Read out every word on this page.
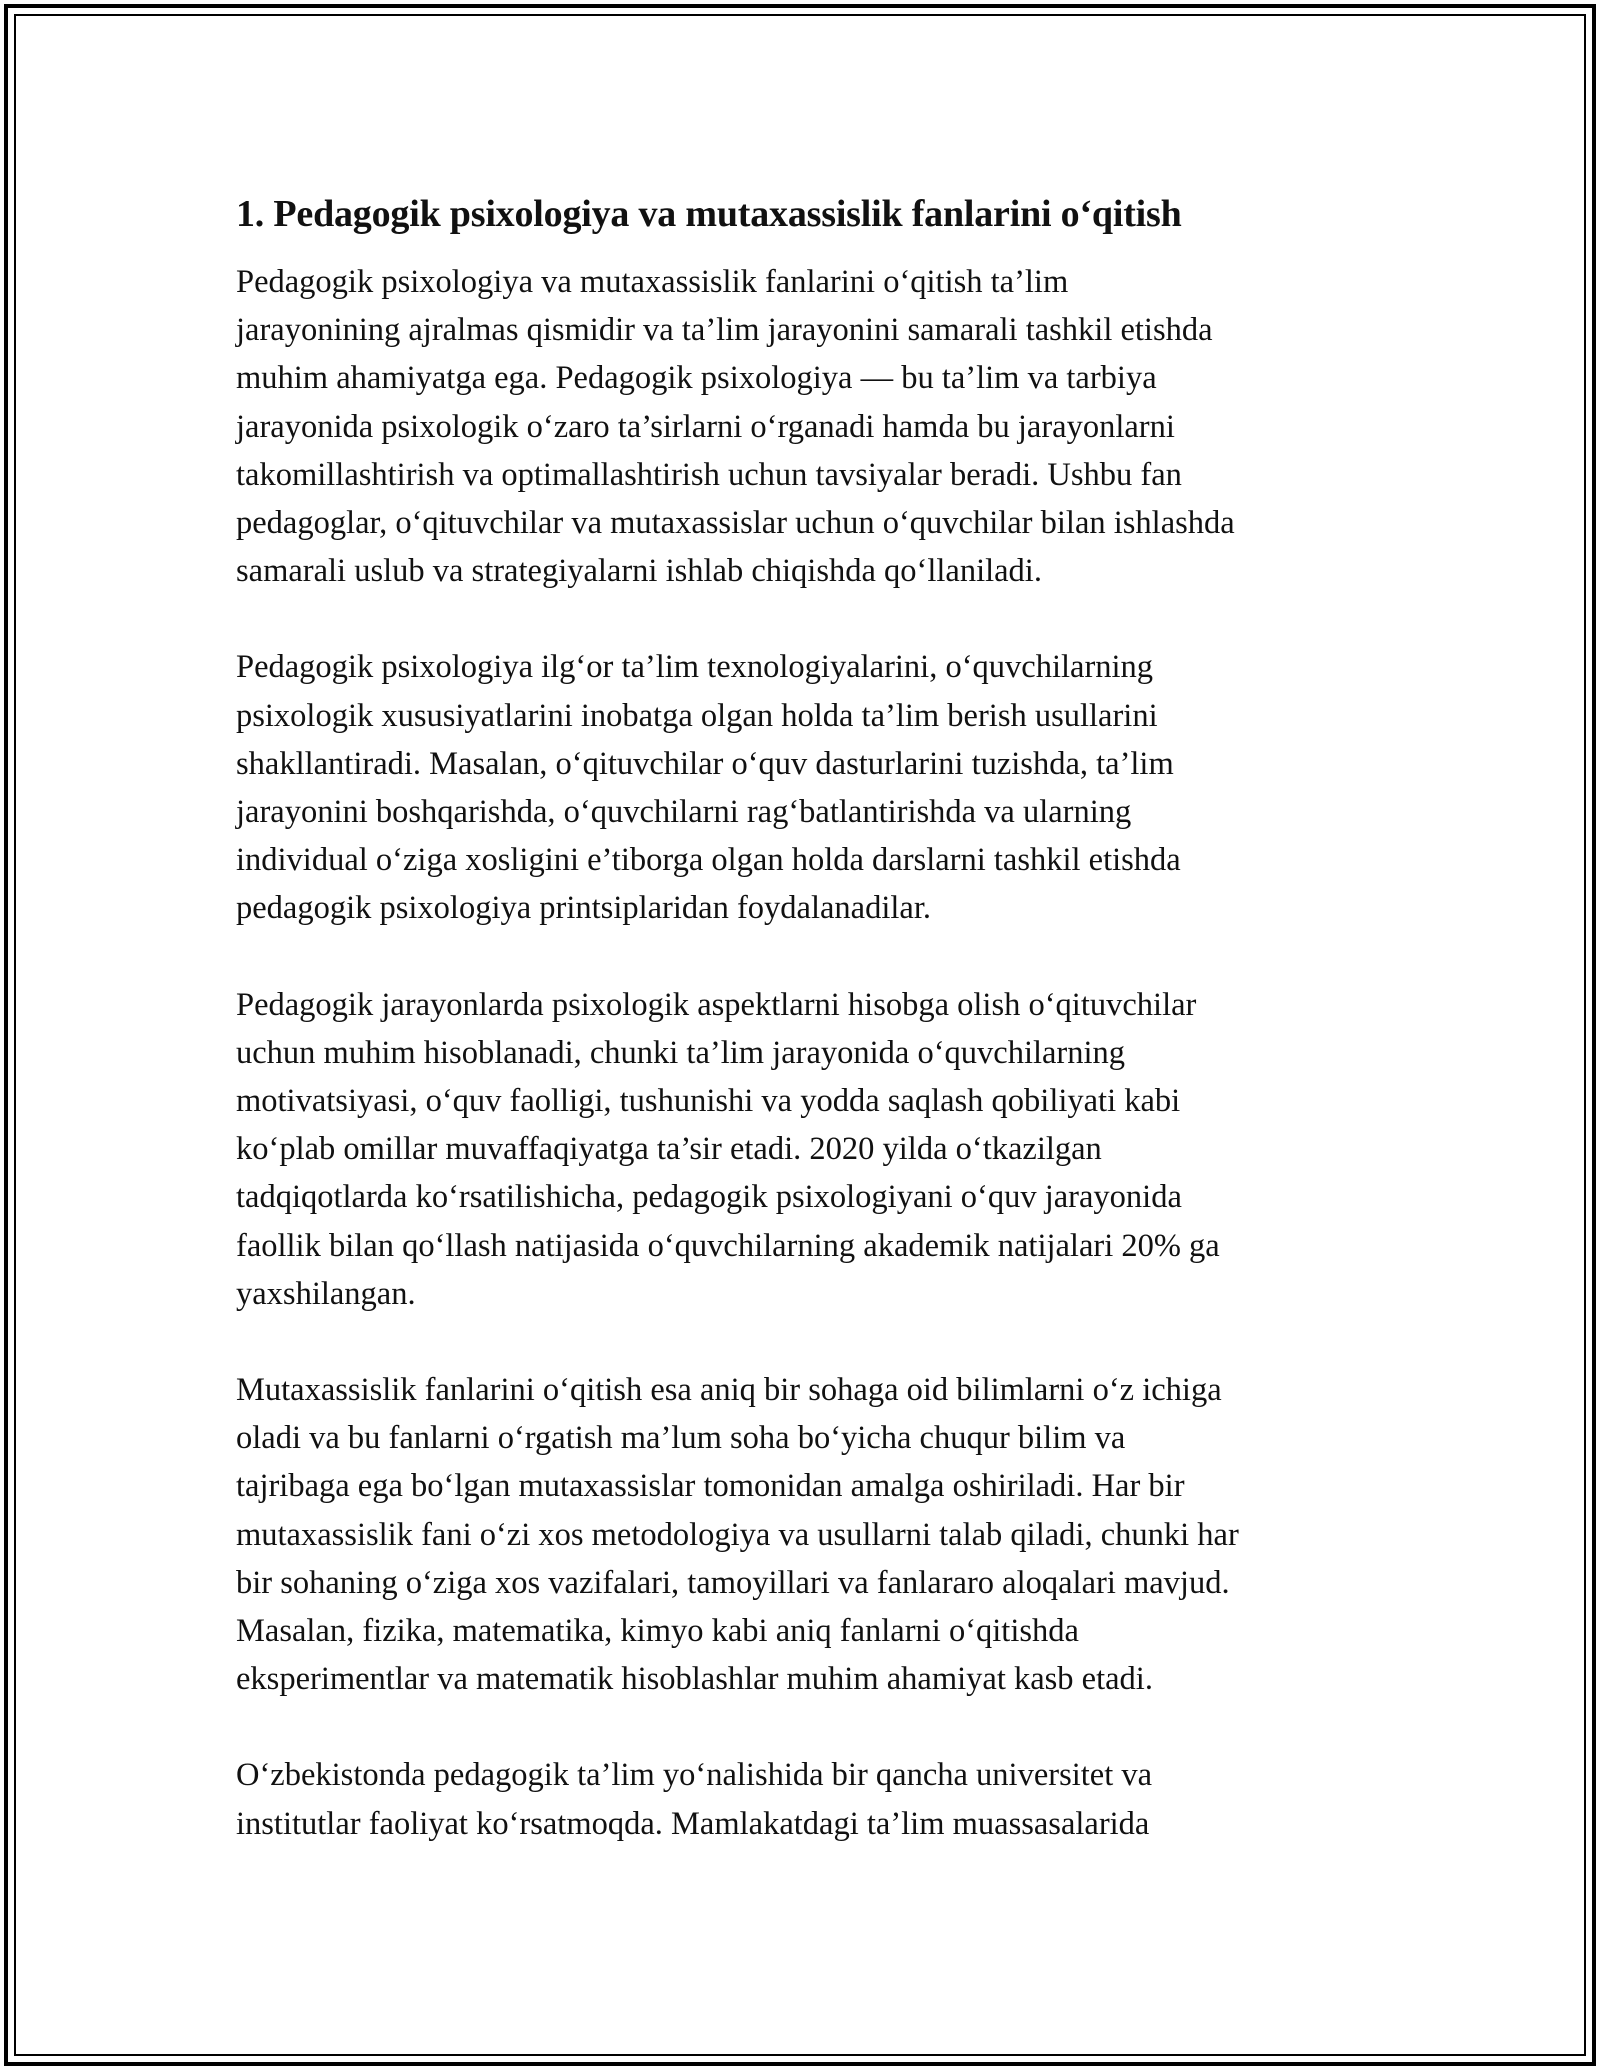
1. Pedagogik psixologiya va mutaxassislik fanlarini o‘qitish

Pedagogik psixologiya va mutaxassislik fanlarini o‘qitish ta’lim
jarayonining ajralmas qismidir va ta’lim jarayonini samarali tashkil etishda
muhim ahamiyatga ega. Pedagogik psixologiya — bu ta’lim va tarbiya
jarayonida psixologik o‘zaro ta’sirlarni o‘rganadi hamda bu jarayonlarni
takomillashtirish va optimallashtirish uchun tavsiyalar beradi. Ushbu fan
pedagoglar, o‘qituvchilar va mutaxassislar uchun o‘quvchilar bilan ishlashda
samarali uslub va strategiyalarni ishlab chiqishda qo‘llaniladi.

Pedagogik psixologiya ilg‘or ta’lim texnologiyalarini, o‘quvchilarning
psixologik xususiyatlarini inobatga olgan holda ta’lim berish usullarini
shakllantiradi. Masalan, o‘qituvchilar o‘quv dasturlarini tuzishda, ta’lim
jarayonini boshqarishda, o‘quvchilarni rag‘batlantirishda va ularning
individual o‘ziga xosligini e’tiborga olgan holda darslarni tashkil etishda
pedagogik psixologiya printsiplaridan foydalanadilar.

Pedagogik jarayonlarda psixologik aspektlarni hisobga olish o‘qituvchilar
uchun muhim hisoblanadi, chunki ta’lim jarayonida o‘quvchilarning
motivatsiyasi, o‘quv faolligi, tushunishi va yodda saqlash qobiliyati kabi
ko‘plab omillar muvaffaqiyatga ta’sir etadi. 2020 yilda o‘tkazilgan
tadqiqotlarda ko‘rsatilishicha, pedagogik psixologiyani o‘quv jarayonida
faollik bilan qo‘llash natijasida o‘quvchilarning akademik natijalari 20% ga
yaxshilangan.

Mutaxassislik fanlarini o‘qitish esa aniq bir sohaga oid bilimlarni o‘z ichiga
oladi va bu fanlarni o‘rgatish ma’lum soha bo‘yicha chuqur bilim va
tajribaga ega bo‘lgan mutaxassislar tomonidan amalga oshiriladi. Har bir
mutaxassislik fani o‘zi xos metodologiya va usullarni talab qiladi, chunki har
bir sohaning o‘ziga xos vazifalari, tamoyillari va fanlararo aloqalari mavjud.
Masalan, fizika, matematika, kimyo kabi aniq fanlarni o‘qitishda
eksperimentlar va matematik hisoblashlar muhim ahamiyat kasb etadi.

O‘zbekistonda pedagogik ta’lim yo‘nalishida bir qancha universitet va
institutlar faoliyat ko‘rsatmoqda. Mamlakatdagi ta’lim muassasalarida
